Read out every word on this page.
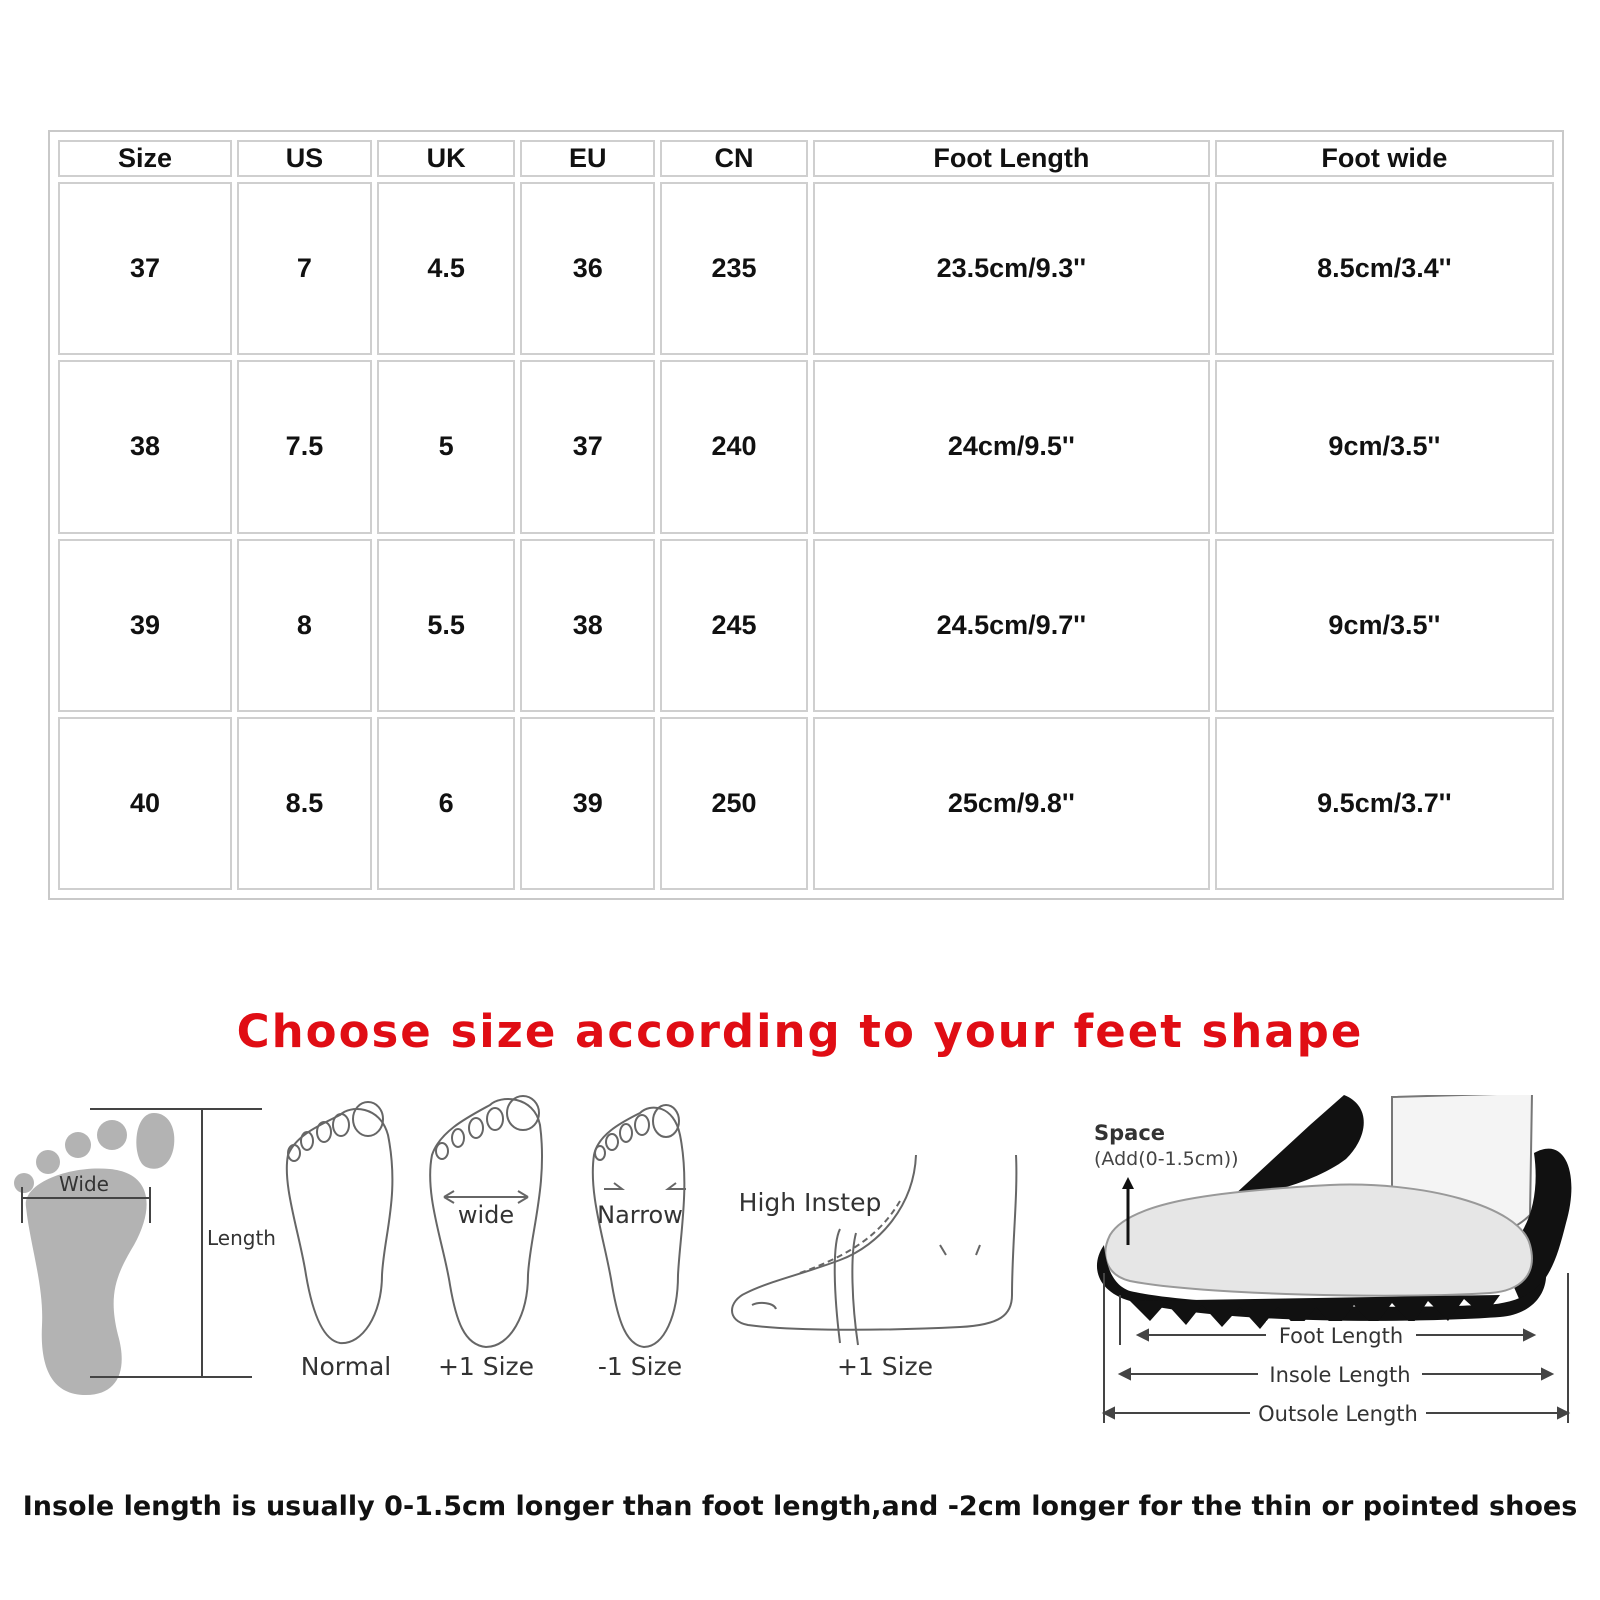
Size	US	UK	EU	CN	Foot Length	Foot wide
37	7	4.5	36	235	23.5cm/9.3''	8.5cm/3.4''
38	7.5	5	37	240	24cm/9.5''	9cm/3.5''
39	8	5.5	38	245	24.5cm/9.7''	9cm/3.5''
40	8.5	6	39	250	25cm/9.8''	9.5cm/3.7''
Choose size according to your feet shape
Wide
Length
Normal
wide
+1 Size
Narrow
-1 Size
High Instep
+1 Size
Space
(Add(0-1.5cm))
Foot Length
Insole Length
Outsole Length
Insole length is usually 0-1.5cm longer than foot length,and -2cm longer for the thin or pointed shoes
